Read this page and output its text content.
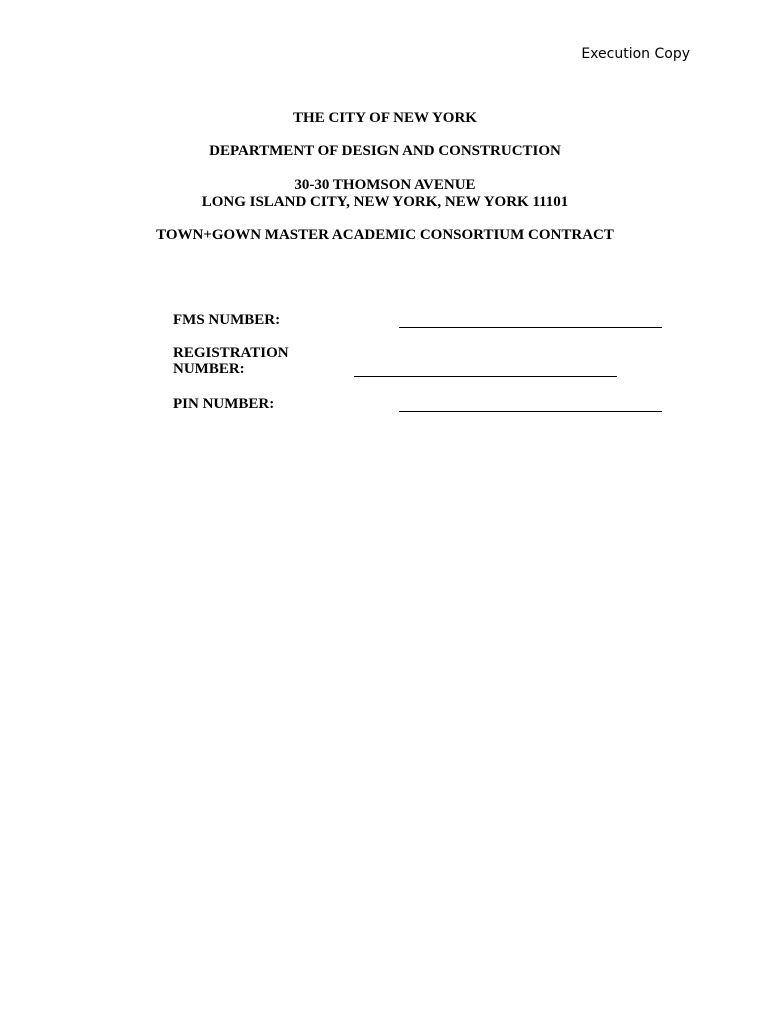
Execution Copy
THE CITY OF NEW YORK
DEPARTMENT OF DESIGN AND CONSTRUCTION
30-30 THOMSON AVENUE
LONG ISLAND CITY, NEW YORK, NEW YORK 11101
TOWN+GOWN MASTER ACADEMIC CONSORTIUM CONTRACT
FMS NUMBER:
REGISTRATION
NUMBER:
PIN NUMBER:
